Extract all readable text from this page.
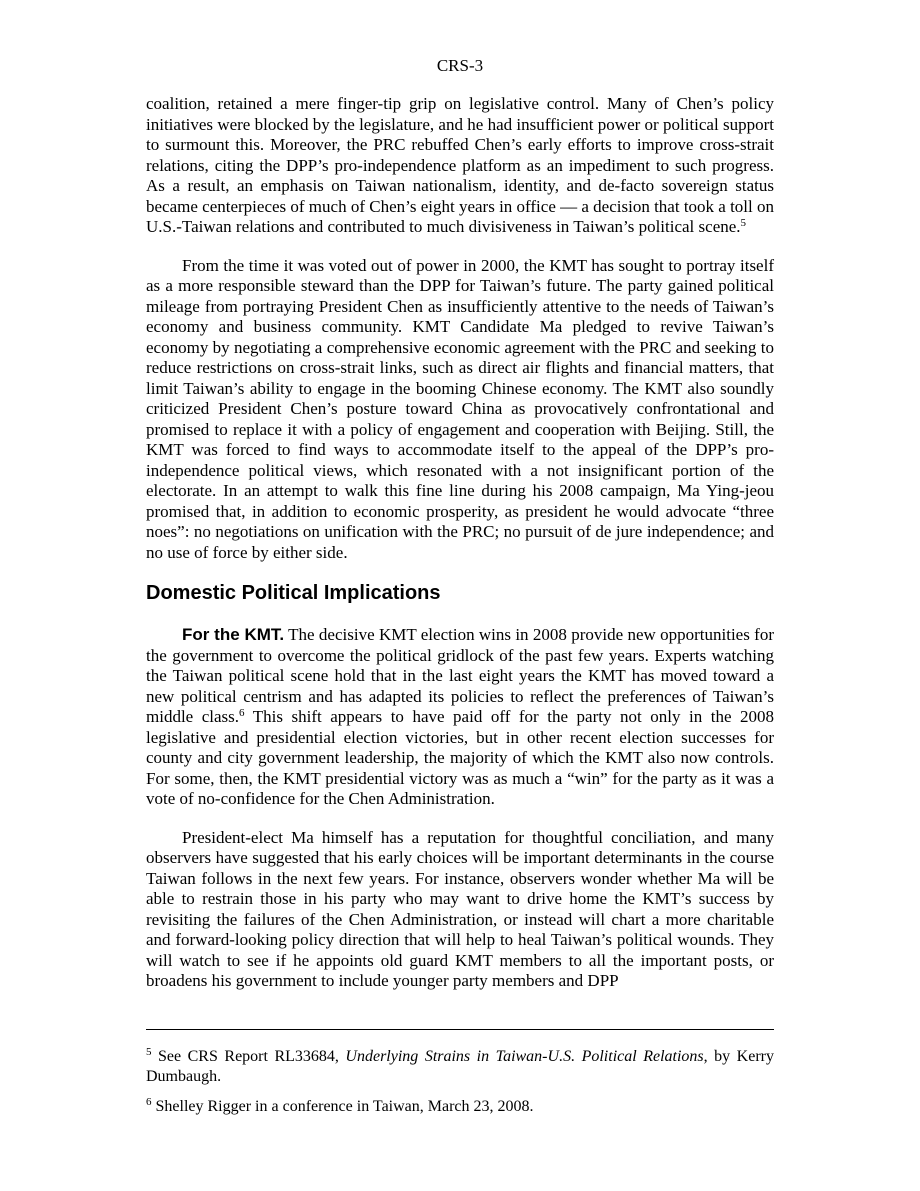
CRS-3

coalition, retained a mere finger-tip grip on legislative control. Many of Chen’s policy initiatives were blocked by the legislature, and he had insufficient power or political support to surmount this. Moreover, the PRC rebuffed Chen’s early efforts to improve cross-strait relations, citing the DPP’s pro-independence platform as an impediment to such progress. As a result, an emphasis on Taiwan nationalism, identity, and de-facto sovereign status became centerpieces of much of Chen’s eight years in office — a decision that took a toll on U.S.-Taiwan relations and contributed to much divisiveness in Taiwan’s political scene.$^5$

From the time it was voted out of power in 2000, the KMT has sought to portray itself as a more responsible steward than the DPP for Taiwan’s future. The party gained political mileage from portraying President Chen as insufficiently attentive to the needs of Taiwan’s economy and business community. KMT Candidate Ma pledged to revive Taiwan’s economy by negotiating a comprehensive economic agreement with the PRC and seeking to reduce restrictions on cross-strait links, such as direct air flights and financial matters, that limit Taiwan’s ability to engage in the booming Chinese economy. The KMT also soundly criticized President Chen’s posture toward China as provocatively confrontational and promised to replace it with a policy of engagement and cooperation with Beijing. Still, the KMT was forced to find ways to accommodate itself to the appeal of the DPP’s pro-independence political views, which resonated with a not insignificant portion of the electorate. In an attempt to walk this fine line during his 2008 campaign, Ma Ying-jeou promised that, in addition to economic prosperity, as president he would advocate “three noes”: no negotiations on unification with the PRC; no pursuit of de jure independence; and no use of force by either side.

Domestic Political Implications

For the KMT. The decisive KMT election wins in 2008 provide new opportunities for the government to overcome the political gridlock of the past few years. Experts watching the Taiwan political scene hold that in the last eight years the KMT has moved toward a new political centrism and has adapted its policies to reflect the preferences of Taiwan’s middle class.$^6$ This shift appears to have paid off for the party not only in the 2008 legislative and presidential election victories, but in other recent election successes for county and city government leadership, the majority of which the KMT also now controls. For some, then, the KMT presidential victory was as much a “win” for the party as it was a vote of no-confidence for the Chen Administration.

President-elect Ma himself has a reputation for thoughtful conciliation, and many observers have suggested that his early choices will be important determinants in the course Taiwan follows in the next few years. For instance, observers wonder whether Ma will be able to restrain those in his party who may want to drive home the KMT’s success by revisiting the failures of the Chen Administration, or instead will chart a more charitable and forward-looking policy direction that will help to heal Taiwan’s political wounds. They will watch to see if he appoints old guard KMT members to all the important posts, or broadens his government to include younger party members and DPP

$^5$ See CRS Report RL33684, Underlying Strains in Taiwan-U.S. Political Relations, by Kerry Dumbaugh.

$^6$ Shelley Rigger in a conference in Taiwan, March 23, 2008.
